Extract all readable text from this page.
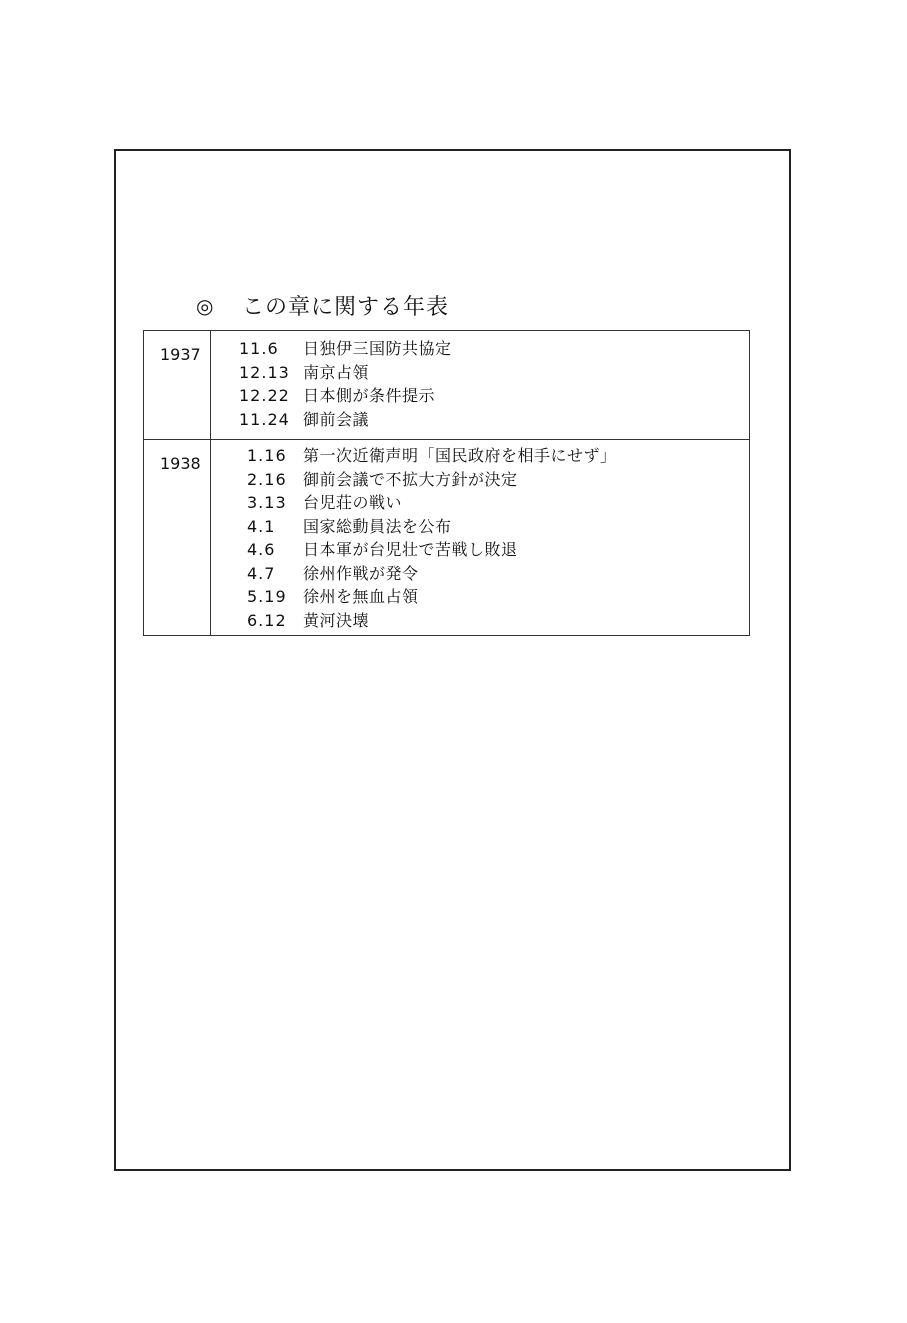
◎	この章に関する年表
1937	11.6	日独伊三国防共協定
12.13 南京占領
12.22 日本側が条件提示
11.24 御前会議
1938	1.16	第一次近衛声明「国民政府を相手にせず」
2.16	御前会議で不拡大方針が決定
3.13	台児荘の戦い
4.1	国家総動員法を公布
4.6	日本軍が台児壮で苦戦し敗退
4.7	徐州作戦が発令
5.19	徐州を無血占領
6.12	黄河決壊
